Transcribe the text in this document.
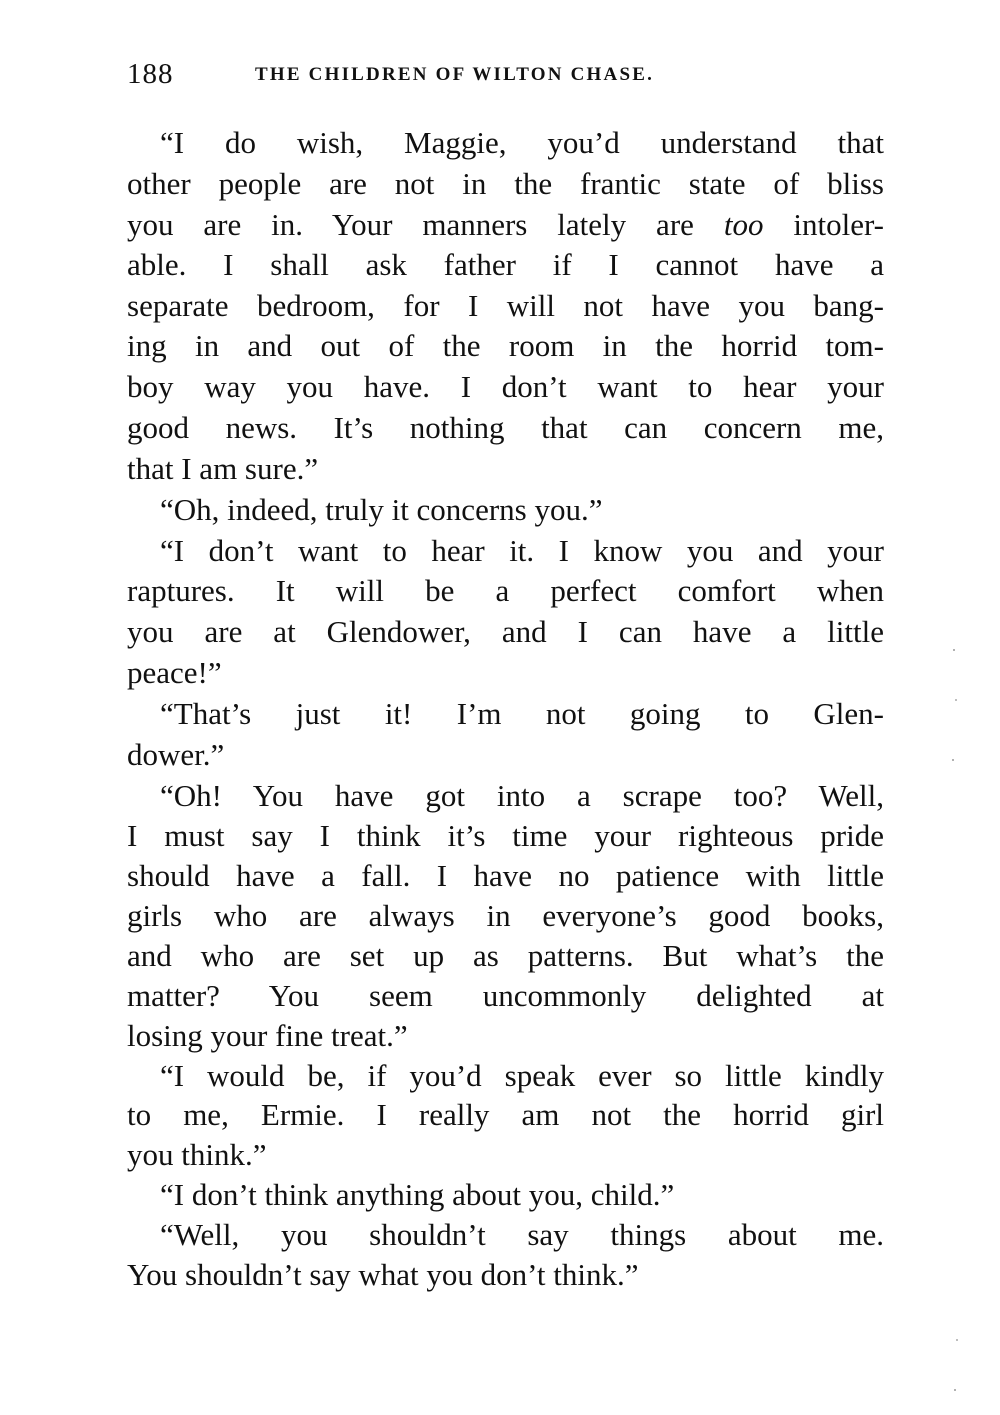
188	THE CHILDREN OF WILTON CHASE.
“I do wish, Maggie, you’d understand that
other people are not in the frantic state of bliss
you are in. Your manners lately are too intoler-
able. I shall ask father if I cannot have a
separate bedroom, for I will not have you bang-
ing in and out of the room in the horrid tom-
boy way you have. I don’t want to hear your
good news. It’s nothing that can concern me,
that I am sure.”
“Oh, indeed, truly it concerns you.”
“I don’t want to hear it. I know you and your
raptures. It will be a perfect comfort when
you are at Glendower, and I can have a little
peace!”
“That’s just it! I’m not going to Glen-
dower.”
“Oh! You have got into a scrape too? Well,
I must say I think it’s time your righteous pride
should have a fall. I have no patience with little
girls who are always in everyone’s good books,
and who are set up as patterns. But what’s the
matter? You seem uncommonly delighted at
losing your fine treat.”
“I would be, if you’d speak ever so little kindly
to me, Ermie. I really am not the horrid girl
you think.”
“I don’t think anything about you, child.”
“Well, you shouldn’t say things about me.
You shouldn’t say what you don’t think.”
